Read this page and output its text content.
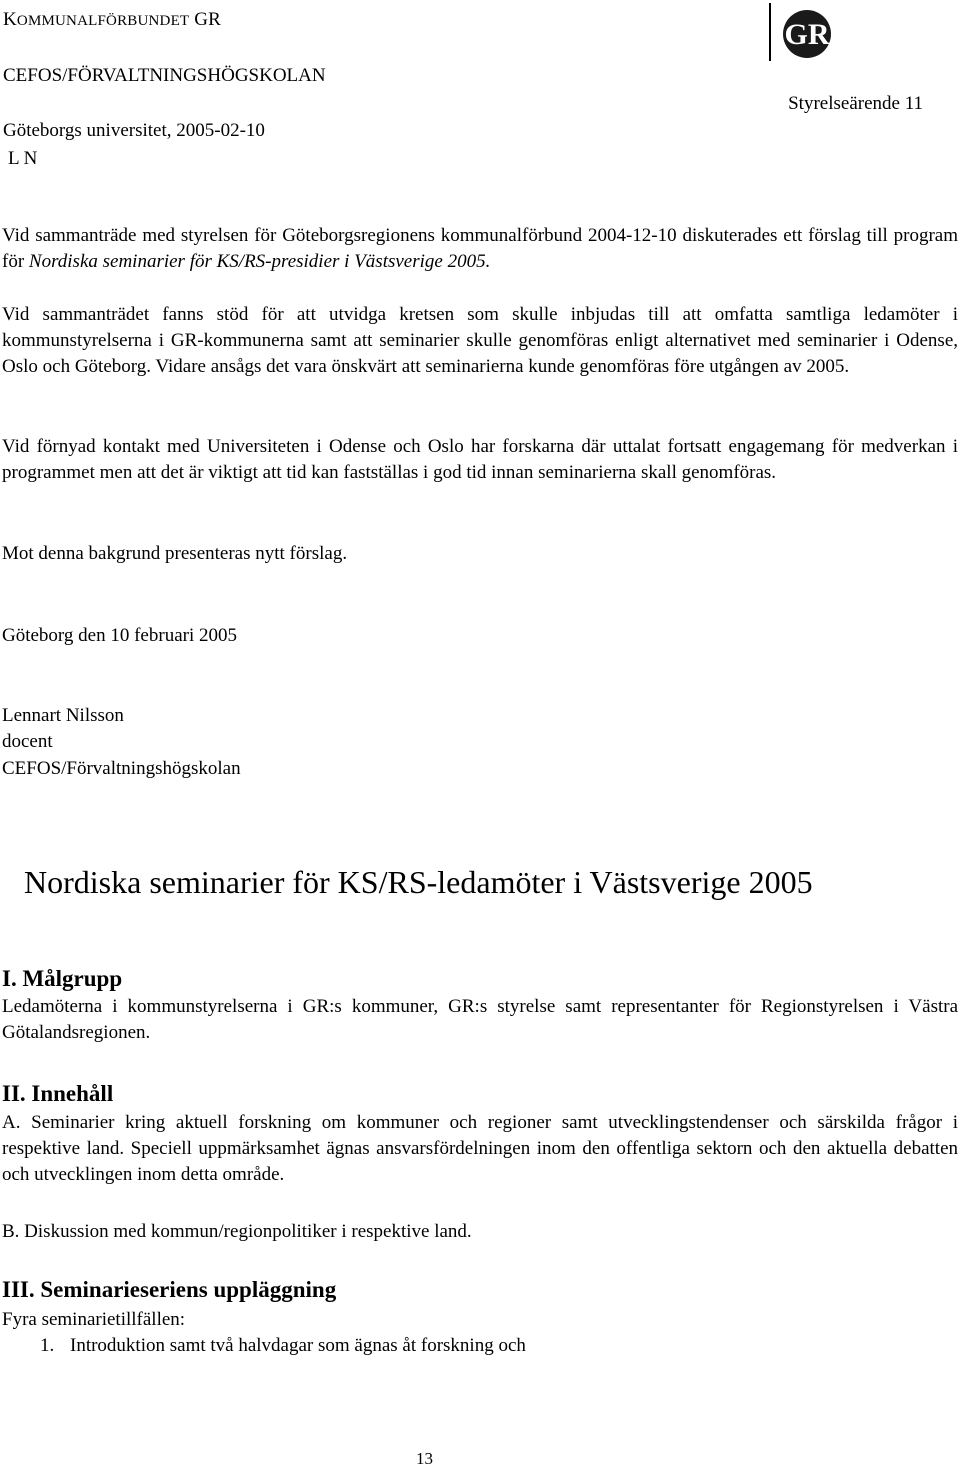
KOMMUNALFÖRBUNDET GR
CEFOS/FÖRVALTNINGSHÖGSKOLAN
Göteborgs universitet, 2005-02-10
L N
Styrelseärende 11
GR

Vid sammanträde med styrelsen för Göteborgsregionens kommunalförbund 2004-12-10 diskuterades ett förslag till program för Nordiska seminarier för KS/RS-presidier i Västsverige 2005.

Vid sammanträdet fanns stöd för att utvidga kretsen som skulle inbjudas till att omfatta samtliga ledamöter i kommunstyrelserna i GR-kommunerna samt att seminarier skulle genomföras enligt alternativet med seminarier i Odense, Oslo och Göteborg. Vidare ansågs det vara önskvärt att seminarierna kunde genomföras före utgången av 2005.

Vid förnyad kontakt med Universiteten i Odense och Oslo har forskarna där uttalat fortsatt engagemang för medverkan i programmet men att det är viktigt att tid kan fastställas i god tid innan seminarierna skall genomföras.

Mot denna bakgrund presenteras nytt förslag.

Göteborg den 10 februari 2005

Lennart Nilsson

docent

CEFOS/Förvaltningshögskolan

Nordiska seminarier för KS/RS-ledamöter i Västsverige 2005
I. Målgrupp

Ledamöterna i kommunstyrelserna i GR:s kommuner, GR:s styrelse samt representanter för Regionstyrelsen i Västra Götalandsregionen.

II. Innehåll

A. Seminarier kring aktuell forskning om kommuner och regioner samt utvecklingstendenser och särskilda frågor i respektive land. Speciell uppmärksamhet ägnas ansvarsfördelningen inom den offentliga sektorn och den aktuella debatten och utvecklingen inom detta område.

B. Diskussion med kommun/regionpolitiker i respektive land.

III. Seminarieseriens uppläggning

Fyra seminarietillfällen:

1. Introduktion samt två halvdagar som ägnas åt forskning och
13
